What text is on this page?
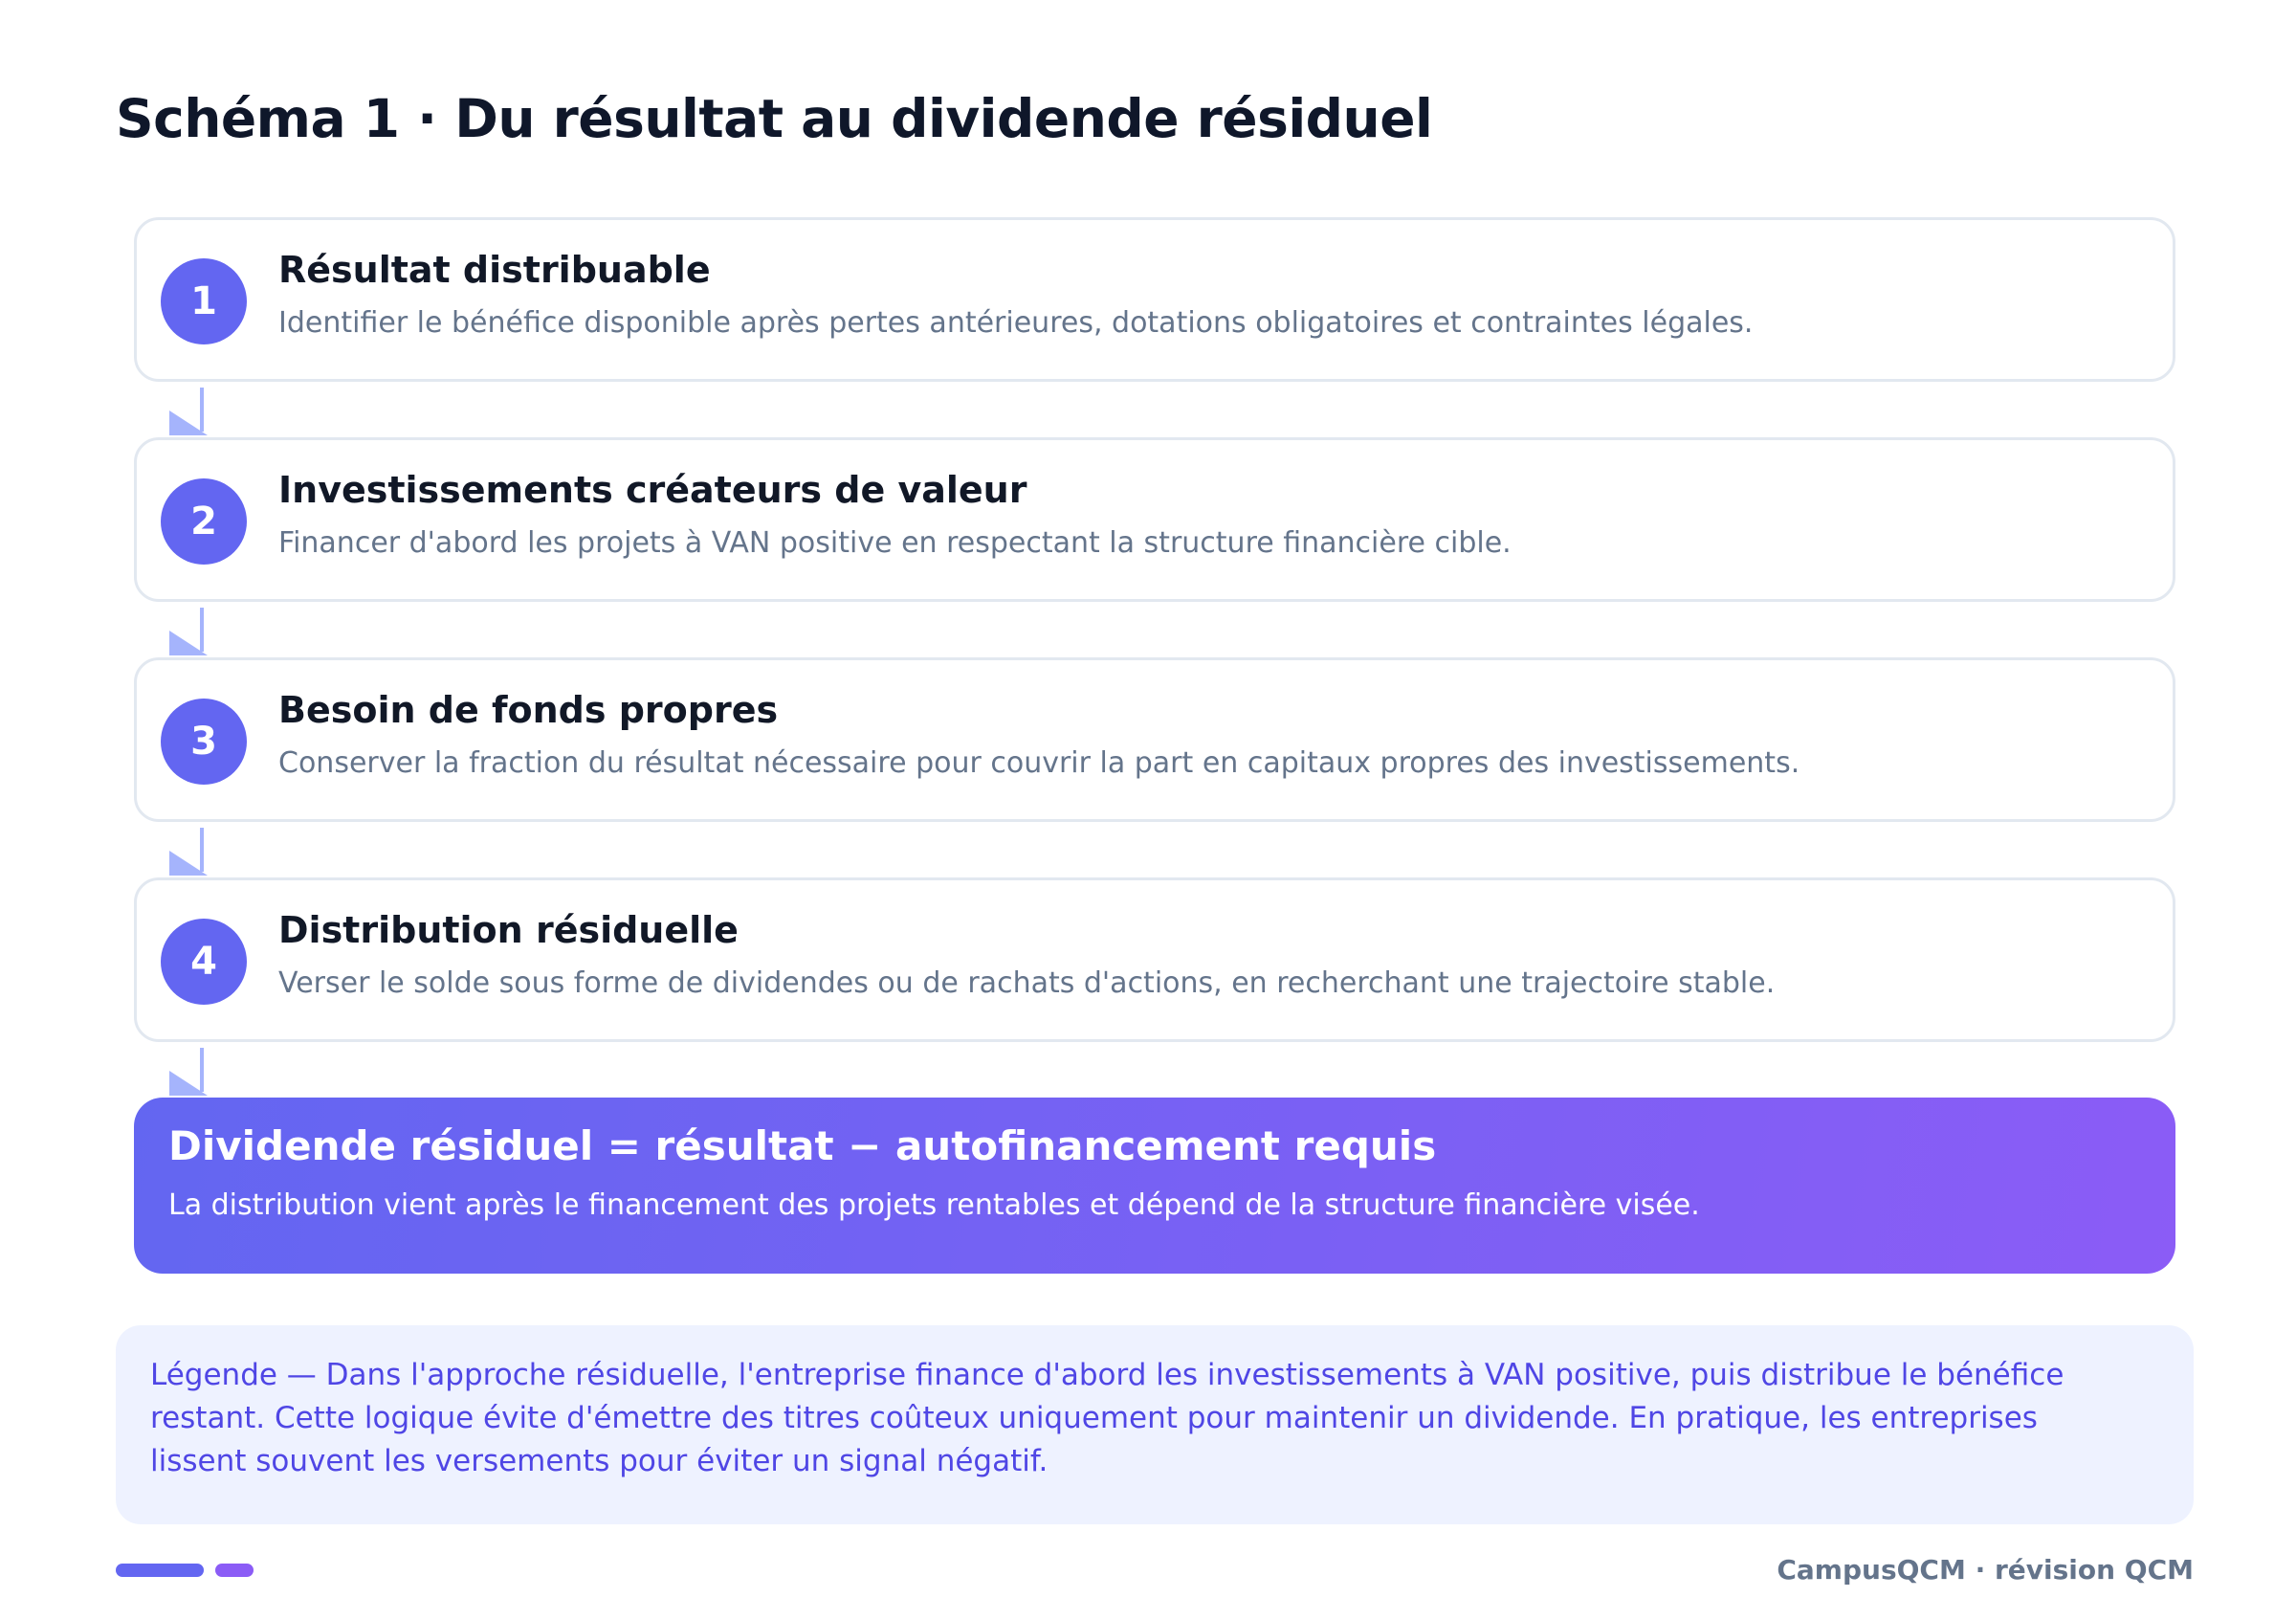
Schéma 1 · Du résultat au dividende résiduel
1
Résultat distribuable
Identifier le bénéfice disponible après pertes antérieures, dotations obligatoires et contraintes légales.
2
Investissements créateurs de valeur
Financer d'abord les projets à VAN positive en respectant la structure financière cible.
3
Besoin de fonds propres
Conserver la fraction du résultat nécessaire pour couvrir la part en capitaux propres des investissements.
4
Distribution résiduelle
Verser le solde sous forme de dividendes ou de rachats d'actions, en recherchant une trajectoire stable.
Dividende résiduel = résultat − autofinancement requis
La distribution vient après le financement des projets rentables et dépend de la structure financière visée.
Légende — Dans l'approche résiduelle, l'entreprise finance d'abord les investissements à VAN positive, puis distribue le bénéfice
restant. Cette logique évite d'émettre des titres coûteux uniquement pour maintenir un dividende. En pratique, les entreprises
lissent souvent les versements pour éviter un signal négatif.
CampusQCM · révision QCM
